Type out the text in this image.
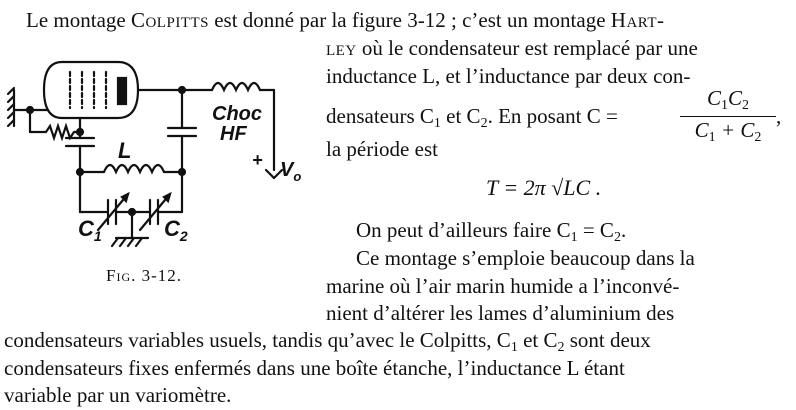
Le montage Colpitts est donné par la figure 3-12 ; c’est un montage Hart-
ley où le condensateur est remplacé par une
inductance L, et l’inductance par deux con-
densateurs $C_1$ et $C_2$. En posant C =	$\frac{C_1C_2}{C_1 + C_2}$ ,
la période est
T = 2π √LC .
On peut d’ailleurs faire $C_1 = C_2$.
Ce montage s’emploie beaucoup dans la
marine où l’air marin humide a l’inconvé-
nient d’altérer les lames d’aluminium des
condensateurs variables usuels, tandis qu’avec le Colpitts, $C_1$ et $C_2$ sont deux
condensateurs fixes enfermés dans une boîte étanche, l’inductance L étant
variable par un variomètre.
Fig. 3-12.
Choc
HF
L
$C_1$	$C_2$
+ $V_o$
